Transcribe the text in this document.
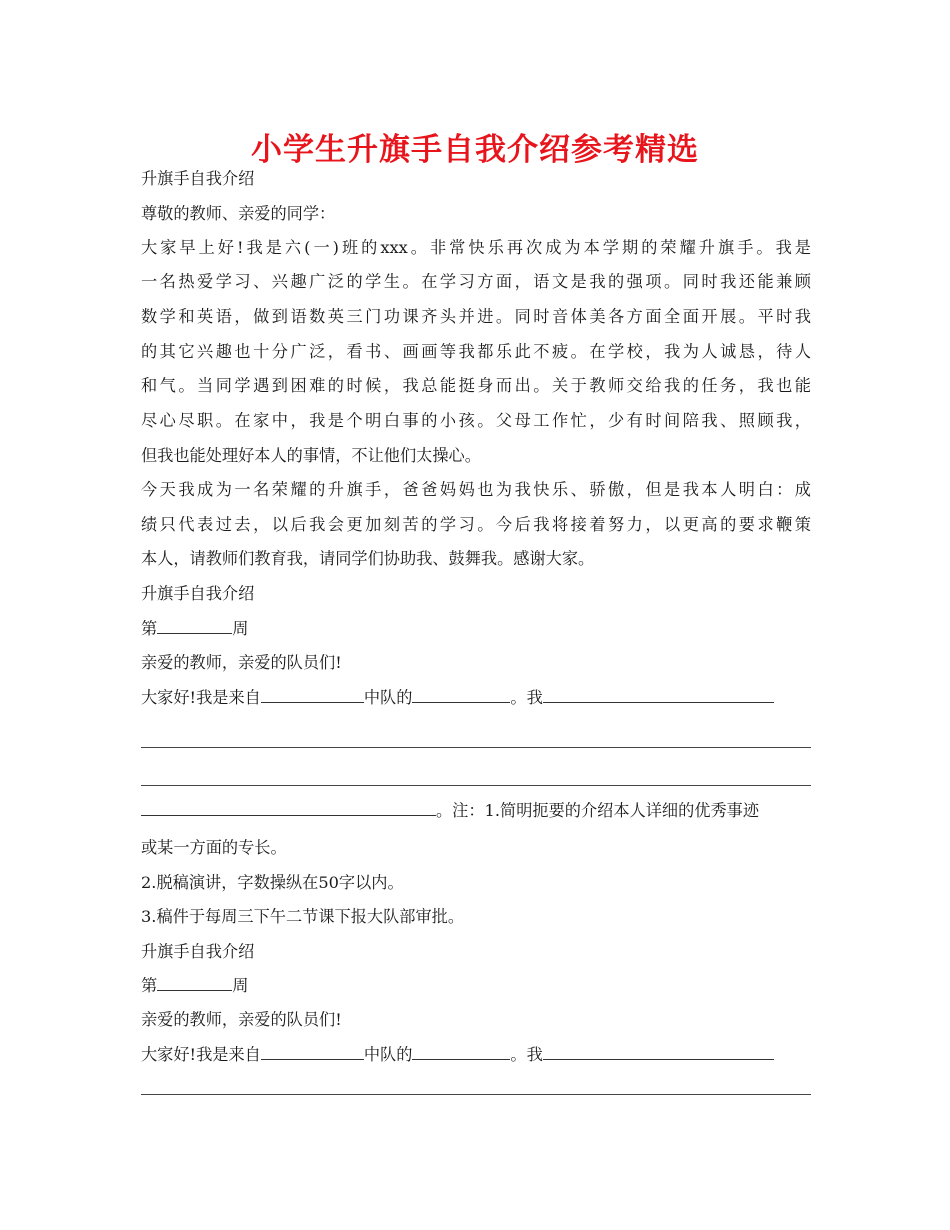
小学生升旗手自我介绍参考精选
升旗手自我介绍
尊敬的教师、亲爱的同学：
大家早上好!我是六(一)班的xxx。非常快乐再次成为本学期的荣耀升旗手。我是
一名热爱学习、兴趣广泛的学生。在学习方面，语文是我的强项。同时我还能兼顾
数学和英语，做到语数英三门功课齐头并进。同时音体美各方面全面开展。平时我
的其它兴趣也十分广泛，看书、画画等我都乐此不疲。在学校，我为人诚恳，待人
和气。当同学遇到困难的时候，我总能挺身而出。关于教师交给我的任务，我也能
尽心尽职。在家中，我是个明白事的小孩。父母工作忙，少有时间陪我、照顾我，
但我也能处理好本人的事情，不让他们太操心。
今天我成为一名荣耀的升旗手，爸爸妈妈也为我快乐、骄傲，但是我本人明白：成
绩只代表过去，以后我会更加刻苦的学习。今后我将接着努力，以更高的要求鞭策
本人，请教师们教育我，请同学们协助我、鼓舞我。感谢大家。
升旗手自我介绍
第	周
亲爱的教师，亲爱的队员们!
大家好!我是来自	中队的	。我
。注：1.简明扼要的介绍本人详细的优秀事迹
或某一方面的专长。
2.脱稿演讲，字数操纵在50字以内。
3.稿件于每周三下午二节课下报大队部审批。
升旗手自我介绍
第	周
亲爱的教师，亲爱的队员们!
大家好!我是来自	中队的	。我
